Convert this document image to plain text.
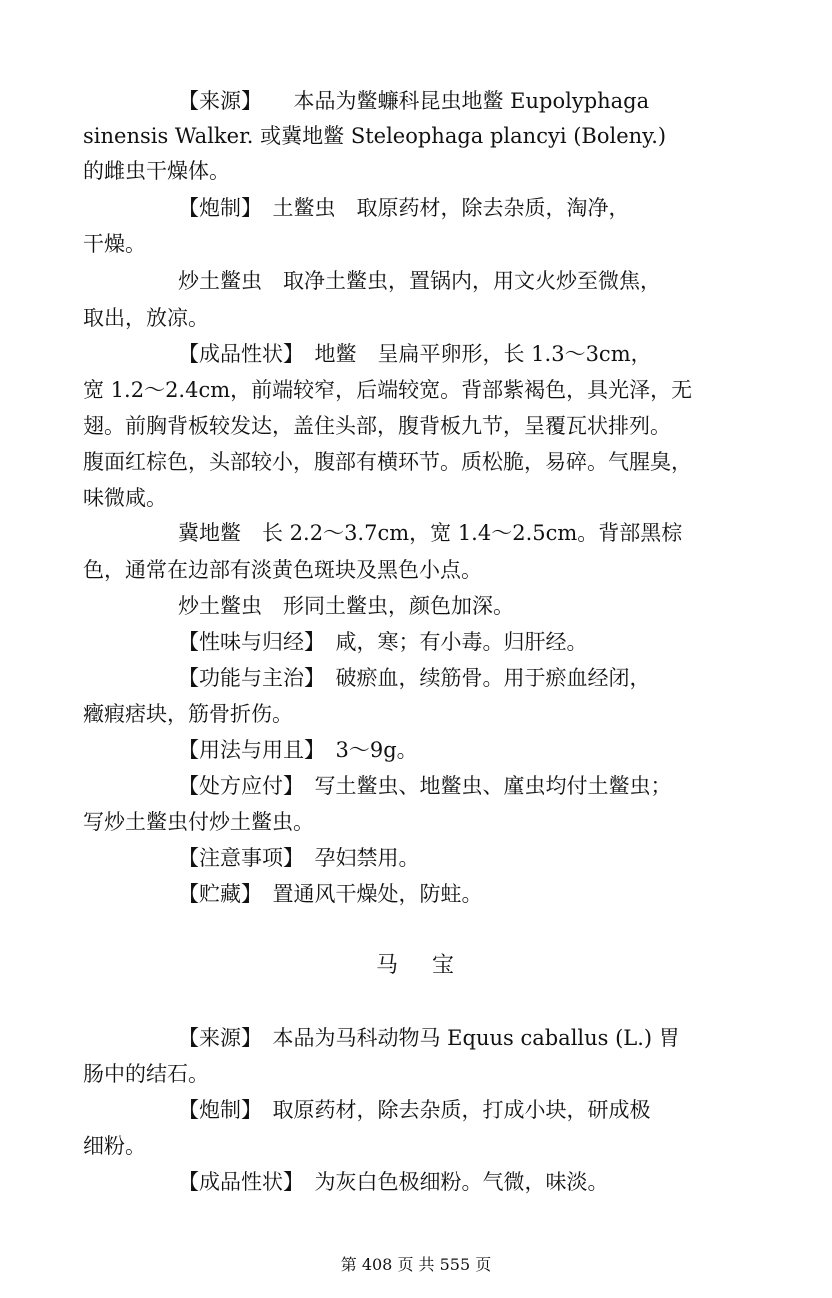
【来源】　　本品为鳖蠊科昆虫地鳖 Eupolyphaga
sinensis Walker. 或冀地鳖 Steleophaga plancyi (Boleny.)
的雌虫干燥体。
【炮制】　土鳖虫　取原药材，除去杂质，淘净，
干燥。
炒土鳖虫　取净土鳖虫，置锅内，用文火炒至微焦，
取出，放凉。
【成品性状】　地鳖　呈扁平卵形，长 1.3～3cm，
宽 1.2～2.4cm，前端较窄，后端较宽。背部紫褐色，具光泽，无
翅。前胸背板较发达，盖住头部，腹背板九节，呈覆瓦状排列。
腹面红棕色，头部较小，腹部有横环节。质松脆，易碎。气腥臭，
味微咸。
冀地鳖　长 2.2～3.7cm，宽 1.4～2.5cm。背部黑棕
色，通常在边部有淡黄色斑块及黑色小点。
炒土鳖虫　形同土鳖虫，颜色加深。
【性味与归经】　咸，寒；有小毒。归肝经。
【功能与主治】　破瘀血，续筋骨。用于瘀血经闭，
癥瘕痞块，筋骨折伤。
【用法与用且】　3～9g。
【处方应付】　写土鳖虫、地鳖虫、廑虫均付土鳖虫；
写炒土鳖虫付炒土鳖虫。
【注意事项】　孕妇禁用。
【贮藏】　置通风干燥处，防蛀。
马宝
【来源】　本品为马科动物马 Equus caballus (L.) 胃
肠中的结石。
【炮制】　取原药材，除去杂质，打成小块，研成极
细粉。
【成品性状】　为灰白色极细粉。气微，味淡。
第 408 页 共 555 页
